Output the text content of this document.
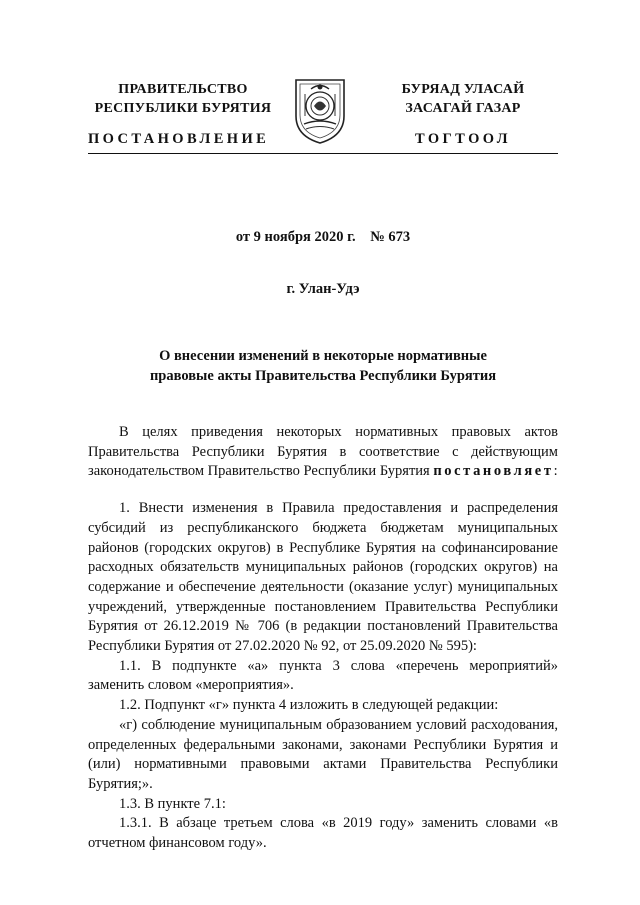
ПРАВИТЕЛЬСТВО
РЕСПУБЛИКИ БУРЯТИЯ
БУРЯАД УЛАСАЙ
ЗАСАГАЙ ГАЗАР
ПОСТАНОВЛЕНИЕ	ТОГТООЛ
от 9 ноября 2020 г. № 673
г. Улан-Удэ
О внесении изменений в некоторые нормативные
правовые акты Правительства Республики Бурятия

В целях приведения некоторых нормативных правовых актов Правительства Республики Бурятия в соответствие с действующим законодательством Правительство Республики Бурятия постановляет:

1. Внести изменения в Правила предоставления и распределения субсидий из республиканского бюджета бюджетам муниципальных районов (городских округов) в Республике Бурятия на софинансирование расходных обязательств муниципальных районов (городских округов) на содержание и обеспечение деятельности (оказание услуг) муниципальных учреждений, утвержденные постановлением Правительства Республики Бурятия от 26.12.2019 № 706 (в редакции постановлений Правительства Республики Бурятия от 27.02.2020 № 92, от 25.09.2020 № 595):

1.1. В подпункте «а» пункта 3 слова «перечень мероприятий» заменить словом «мероприятия».

1.2. Подпункт «г» пункта 4 изложить в следующей редакции:

«г) соблюдение муниципальным образованием условий расходования, определенных федеральными законами, законами Республики Бурятия и (или) нормативными правовыми актами Правительства Республики Бурятия;».

1.3. В пункте 7.1:

1.3.1. В абзаце третьем слова «в 2019 году» заменить словами «в отчетном финансовом году».
